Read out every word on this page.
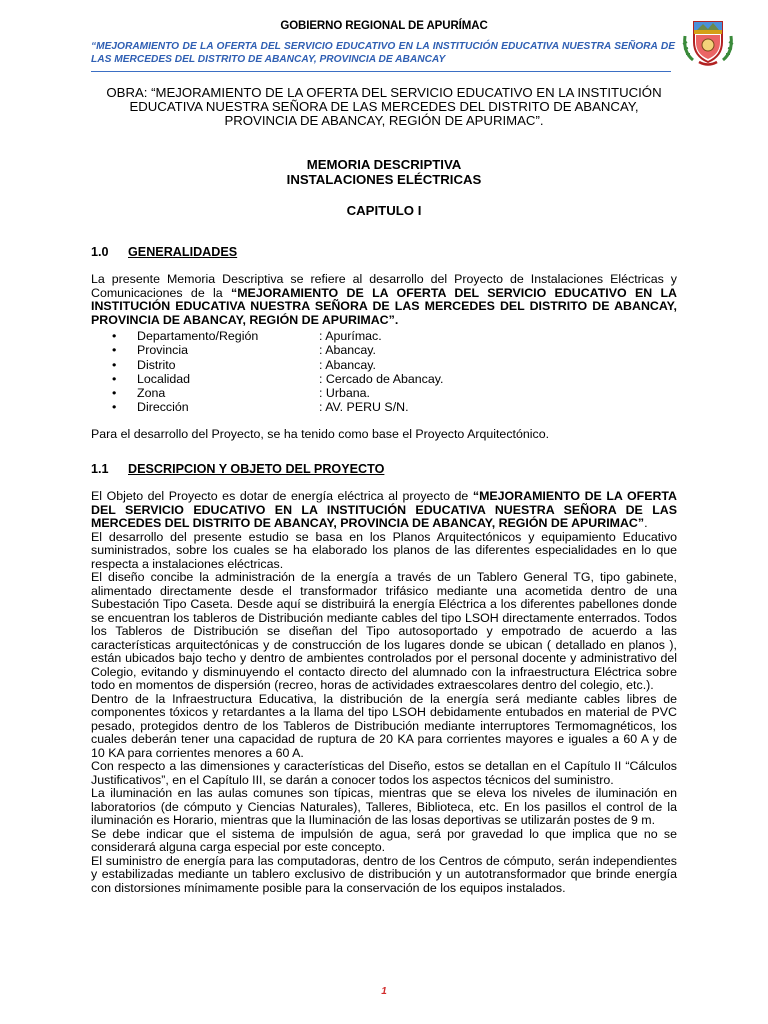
GOBIERNO REGIONAL DE APURÍMAC
“MEJORAMIENTO DE LA OFERTA DEL SERVICIO EDUCATIVO EN LA INSTITUCIÓN EDUCATIVA NUESTRA SEÑORA DE LAS MERCEDES DEL DISTRITO DE ABANCAY, PROVINCIA DE ABANCAY
OBRA: “MEJORAMIENTO DE LA OFERTA DEL SERVICIO EDUCATIVO EN LA INSTITUCIÓN EDUCATIVA NUESTRA SEÑORA DE LAS MERCEDES DEL DISTRITO DE ABANCAY, PROVINCIA DE ABANCAY, REGIÓN DE APURIMAC”.
MEMORIA DESCRIPTIVA
INSTALACIONES ELÉCTRICAS
CAPITULO I
1.0 GENERALIDADES
La presente Memoria Descriptiva se refiere al desarrollo del Proyecto de Instalaciones Eléctricas y Comunicaciones de la “MEJORAMIENTO DE LA OFERTA DEL SERVICIO EDUCATIVO EN LA INSTITUCIÓN EDUCATIVA NUESTRA SEÑORA DE LAS MERCEDES DEL DISTRITO DE ABANCAY, PROVINCIA DE ABANCAY, REGIÓN DE APURIMAC”.
• Departamento/Región	: Apurímac.
• Provincia	: Abancay.
• Distrito	: Abancay.
• Localidad	: Cercado de Abancay.
• Zona	: Urbana.
• Dirección	: AV. PERU S/N.
Para el desarrollo del Proyecto, se ha tenido como base el Proyecto Arquitectónico.
1.1 DESCRIPCION Y OBJETO DEL PROYECTO
El Objeto del Proyecto es dotar de energía eléctrica al proyecto de “MEJORAMIENTO DE LA OFERTA DEL SERVICIO EDUCATIVO EN LA INSTITUCIÓN EDUCATIVA NUESTRA SEÑORA DE LAS MERCEDES DEL DISTRITO DE ABANCAY, PROVINCIA DE ABANCAY, REGIÓN DE APURIMAC”.
El desarrollo del presente estudio se basa en los Planos Arquitectónicos y equipamiento Educativo suministrados, sobre los cuales se ha elaborado los planos de las diferentes especialidades en lo que respecta a instalaciones eléctricas.
El diseño concibe la administración de la energía a través de un Tablero General TG, tipo gabinete, alimentado directamente desde el transformador trifásico mediante una acometida dentro de una Subestación Tipo Caseta. Desde aquí se distribuirá la energía Eléctrica a los diferentes pabellones donde se encuentran los tableros de Distribución mediante cables del tipo LSOH directamente enterrados. Todos los Tableros de Distribución se diseñan del Tipo autosoportado y empotrado de acuerdo a las características arquitectónicas y de construcción de los lugares donde se ubican ( detallado en planos ), están ubicados bajo techo y dentro de ambientes controlados por el personal docente y administrativo del Colegio, evitando y disminuyendo el contacto directo del alumnado con la infraestructura Eléctrica sobre todo en momentos de dispersión (recreo, horas de actividades extraescolares dentro del colegio, etc.).
Dentro de la Infraestructura Educativa, la distribución de la energía será mediante cables libres de componentes tóxicos y retardantes a la llama del tipo LSOH debidamente entubados en material de PVC pesado, protegidos dentro de los Tableros de Distribución mediante interruptores Termomagnéticos, los cuales deberán tener una capacidad de ruptura de 20 KA para corrientes mayores e iguales a 60 A y de 10 KA para corrientes menores a 60 A.
Con respecto a las dimensiones y características del Diseño, estos se detallan en el Capítulo II “Cálculos Justificativos”, en el Capítulo III, se darán a conocer todos los aspectos técnicos del suministro.
La iluminación en las aulas comunes son típicas, mientras que se eleva los niveles de iluminación en laboratorios (de cómputo y Ciencias Naturales), Talleres, Biblioteca, etc. En los pasillos el control de la iluminación es Horario, mientras que la Iluminación de las losas deportivas se utilizarán postes de 9 m.
Se debe indicar que el sistema de impulsión de agua, será por gravedad lo que implica que no se considerará alguna carga especial por este concepto.
El suministro de energía para las computadoras, dentro de los Centros de cómputo, serán independientes y estabilizadas mediante un tablero exclusivo de distribución y un autotransformador que brinde energía con distorsiones mínimamente posible para la conservación de los equipos instalados.
1
